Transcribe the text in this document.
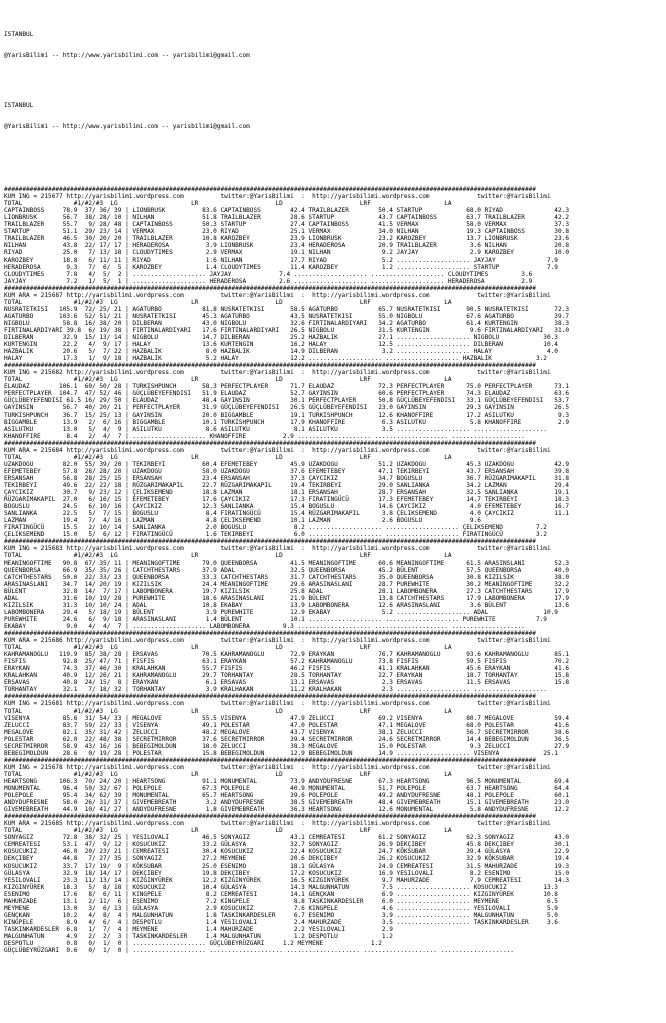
ISTANBUL

@YarisBilimi -- http://www.yarisbilimi.com -- yarisbilimi@gmail.com

ISTANBUL

@YarisBilimi -- http://www.yarisbilimi.com -- yarisbilimi@gmail.com

#################################################################################################################################################
KUM ING = 215677 http://yarisbilimi.wordpress.com          twitter:@YarisBilimi  :  http://yarisbilimi.wordpress.com             twitter:@YarisBilimi
TOTAL              #1/#2/#3  LG                    LR                     LD                     LRF                    LA
CAPTAINBOSS     78.9  37/ 36/ 39 | LIONBRUSK          83.6 CAPTAINBOSS        42.4 TRAILBLAZER        50.4 STARTUP            68.0 RIYAD              42.3
LIONBRUSK       56.7  38/ 28/ 10 | NILHAN             51.8 TRAILBLAZER        28.6 STARTUP            43.7 CAPTAINBOSS        63.7 TRAILBLAZER        42.2
TRAILBLAZER     55.7   9/ 28/ 48 | CAPTAINBOSS        50.3 STARTUP            27.4 CAPTAINBOSS        41.5 VERMAX             58.0 VERMAX             37.3
STARTUP         51.1  29/ 23/ 14 | VERMAX             23.0 RIYAD              25.1 VERMAX             34.0 NILHAN             19.3 CAPTAINBOSS        30.8
TRAILBLAZER     46.5  30/ 20/ 20 | TRAILBLAZER        10.8 KAROZBEY           23.9 LIONBRUSK          23.2 KAROZBEY           13.7 LIONBRUSK          23.6
NILHAN          43.8  22/ 17/ 17 | HERADEROSA          3.9 LIONBRUSK          23.4 HERADEROSA         20.9 TRAILBLAZER         3.6 NILHAN             20.8
RIYAD           25.0   7/ 13/ 18 | CLOUDYTIMES         2.9 VERMAX             19.1 NILHAN              9.2 JAYJAY              2.9 KAROZBEY           10.0
KAROZBEY        18.8   6/ 11/ 11 | RIYAD               1.6 NILHAN             17.7 RIYAD               5.2 .................... JAYJAY              7.9
HERADEROSA       9.3   7/  6/  5 | KAROZBEY            1.4 CLOUDYTIMES        11.4 KAROZBEY            1.2 .................... STARTUP             7.9
CLOUDYTIMES      7.8   4/  5/  2 | .................... JAYJAY             7.4 .................... .................... CLOUDYTIMES         3.6
JAYJAY           7.2   1/  5/  1 | .................... HERADEROSA         2.6 .................... .................... HERADEROSA          2.9
#################################################################################################################################################
KUM ARA = 215687 http://yarisbilimi.wordpress.com          twitter:@YarisBilimi  :  http://yarisbilimi.wordpress.com             twitter:@YarisBilimi
TOTAL              #1/#2/#3  LG                    LR                     LD                     LRF                    LA
NUSRATETKISI   105.9  72/ 25/ 21 | AGATURBO           81.8 NUSRATETKISI       58.5 AGATURBO           65.7 NUSRATETKISI       90.5 NUSRATETKISI       72.3
AGATURBO       103.6  52/ 51/ 21 | NUSRATETKISI       45.3 AGATURBO           43.5 NUSRATETKISI       55.0 NIGBOLU            67.6 AGATURBO           39.7
NIGBOLU         58.8  16/ 38/ 20 | DILBERAN           43.0 NIGBOLU            32.6 FIRTINALARDIYARI   34.2 AGATURBO           61.4 KURTENGIN          38.3
FIRTINALARDIYARI 39.8  6/ 19/ 38 | FIRTINALARDIYARI   17.6 FIRTINALARDIYARI   26.5 NIGBOLU            31.5 KURTENGIN           9.6 FIRTINALARDIYARI   31.0
DILBERAN        32.9  15/ 13/ 14 | NIGBOLU            14.7 DILBERAN           25.2 HAZBALIK           27.1 .................... NIGBOLU            30.3
KURTENGIN       22.2   4/  9/ 17 | HALAY              13.6 KURTENGIN          16.2 HALAY              12.5 .................... DILBERAN           10.4
HAZBALIK        20.6   5/  7/ 22 | HAZBALIK            8.0 HAZBALIK           14.9 DILBERAN            3.2 .................... HALAY               4.0
HALAY           17.3   1/  9/ 18 | HAZBALIK            5.2 HALAY              12.2 .................... .................... HAZBALIK            3.2
#################################################################################################################################################
KUM ING = 215682 http://yarisbilimi.wordpress.com          twitter:@YarisBilimi  :  http://yarisbilimi.wordpress.com             twitter:@YarisBilimi
TOTAL              #1/#2/#3  LG                    LR                     LD                     LRF                    LA
ELAUDAZ        106.1  60/ 50/ 28 | TURKISHPUNCH       58.3 PERFECTPLAYER      71.7 ELAUDAZ            72.3 PERFECTPLAYER      75.0 PERFECTPLAYER      73.1
PERFECTPLAYER  104.7  47/ 52/ 46 | GÜÇLÜBEYEFENDISI   51.9 ELAUDAZ            52.7 GAYINSIN           60.6 PERFECTPLAYER      74.3 ELAUDAZ            63.6
GÜÇLÜBEYEFENDISI 61.5 16/ 29/ 50 | ELAUDAZ            48.4 GAYINSIN           30.1 PERFECTPLAYER      50.8 GÜÇLÜBEYEFENDISI   33.1 GÜÇLÜBEYEFENDISI   53.7
GAYINSIN        56.7  40/ 20/ 21 | PERFECTPLAYER      31.9 GÜÇLÜBEYEFENDISI   26.5 GÜÇLÜBEYEFENDISI   23.0 GAYINSIN           29.3 GAYINSIN           26.5
TURKISHPUNCH    36.7  15/ 25/ 13 | GAYINSIN           20.0 BIGGAMBLE          19.1 TURKISHPUNCH       12.6 KHANOFFIRE         17.2 ASILUTKU            9.3
BIGGAMBLE       13.9   2/  6/ 16 | BIGGAMBLE          10.1 TURKISHPUNCH       17.9 KHANOFFIRE          6.3 ASILUTKU            5.8 KHANOFFIRE          2.9
ASILUTKU        13.0   5/  4/  9 | ASILUTKU            8.6 ASILUTKU            8.1 ASILUTKU            3.5 .................... ....................
KHANOFFIRE       8.4   2/  4/  7 | .................... KHANOFFIRE          2.9 .................... .................... ....................
#################################################################################################################################################
KUM ARA = 215684 http://yarisbilimi.wordpress.com          twitter:@YarisBilimi  :  http://yarisbilimi.wordpress.com             twitter:@YarisBilimi
TOTAL              #1/#2/#3  LG                    LR                     LD                     LRF                    LA
UZAKDOGU        82.0  55/ 39/ 20 | TEKIRBEYI          60.4 EFEMETEBEY         45.9 UZAKDOGU           51.2 UZAKDOGU           45.3 UZAKDOGU           42.9
EFEMETEBEY      57.8  28/ 28/ 20 | UZAKDOGU           58.0 UZAKDOGU           37.6 EFEMETEBEY         47.1 TEKIRBEYI          43.7 ERSANSAH           39.8
ERSANSAH        56.8  28/ 25/ 15 | ERSANSAH           23.4 ERSANSAH           37.3 ÇAYCIKIZ           34.7 BOGUSLU            36.7 RÜZGARIMAKAPIL     31.8
TEKIRBEYI       49.6  22/ 22/ 18 | RÜZGARIMAKAPIL     22.7 RÜZGARIMAKAPIL     19.4 TEKIRBEYI          29.0 SANLIANKA          34.2 LAZMAN             29.4
ÇAYCIKIZ        30.7   9/ 23/ 12 | ÇELIKSEMEND        18.8 LAZMAN             18.1 ERSANSAH           28.7 ERSANSAH           32.5 SANLIANKA          19.1
RÜZGARIMAKAPIL  27.0   6/ 16/ 15 | EFEMETEBEY         17.6 ÇAYCIKIZ           17.3 FIRATINGÜCÜ        17.3 EFEMETEBEY         14.7 TEKIRBEYI          18.3
BOGUSLU         24.5   6/ 10/ 16 | ÇAYCIKIZ           12.3 SANLIANKA          15.4 BOGUSLU            14.6 ÇAYCIKIZ            4.0 EFEMETEBEY         16.7
SANLIANKA       22.5   5/  7/ 15 | BOGUSLU             8.4 FIRATINGÜCÜ        15.4 RÜZGARIMAKAPIL      3.8 ÇELIKSEMEND         4.0 ÇAYCIKIZ           11.1
LAZMAN          19.4   7/  4/ 16 | LAZMAN              4.8 ÇELIKSEMEND        10.1 LAZMAN              2.6 BOGUSLU             9.6
FIRATINGÜCÜ     15.5   2/ 10/ 14 | SANLIANKA           2.0 BOGUSLU             8.2 .................... .................... ÇELIKSEMEND         7.2
ÇELIKSEMEND     15.0   5/  6/ 12 | FIRATINGÜCÜ         1.6 TEKIRBEYI           6.0 .................... .................... FIRATINGÜCÜ         3.2
#################################################################################################################################################
KUM ING = 215683 http://yarisbilimi.wordpress.com          twitter:@YarisBilimi  :  http://yarisbilimi.wordpress.com             twitter:@YarisBilimi
TOTAL              #1/#2/#3  LG                    LR                     LD                     LRF                    LA
MEANINGOFTIME   90.8  67/ 35/ 11 | MEANINGOFTIME      79.0 QUEENBORSA         41.5 MEANINGOFTIME      60.6 MEANINGOFTIME      61.5 ARASINSLANI        52.3
QUEENBORSA      66.9  35/ 35/ 26 | CATCHTHESTARS      37.9 ADAL               32.5 QUEENBORSA         45.2 BÜLENT             57.5 QUEENBORSA         40.0
CATCHTHESTARS   50.0  22/ 33/ 23 | QUEENBORSA         33.3 CATCHTHESTARS      31.7 CATCHTHESTARS      35.0 QUEENBORSA         30.8 KIZILSIK           38.0
ARASINASLANI    34.7  14/ 20/ 19 | KIZILSIK           24.4 MEANINGOFTIME      29.6 ARASINASLANI       28.7 PUREWHITE          30.2 MEANINGOFTIME      32.2
BÜLENT          32.8  14/  7/ 17 | LABOMBONERA        19.7 KIZILSIK           25.8 ADAL               28.1 LABOMBONERA        27.3 CATCHTHESTARS      17.9
ADAL            31.6  10/ 19/ 28 | PUREWHITE          18.6 ARASINASLANI       21.9 BÜLENT             13.8 CATCHTHESTARS      17.9 LABOMBONERA        17.9
KIZILSIK        31.3  10/ 10/ 24 | ADAL               10.8 EKABAY             13.9 LABOMBONERA        12.6 ARASINASLANI        3.6 BÜLENT             13.6
LABOMBONERA     29.4   5/ 18/ 19 | BÜLENT              3.9 PUREWHITE          12.9 EKABAY              5.2 .................... ADAL               10.9
PUREWHITE       24.6   6/  9/ 18 | ARASINASLANI        1.4 BÜLENT             10.1 .................... .................... PUREWHITE           7.9
EKABAY           9.0   4/  4/  7 | .................... LABOMBONERA         9.3 .................... .................... ....................
#################################################################################################################################################
KUM ARA = 215686 http://yarisbilimi.wordpress.com          twitter:@YarisBilimi  :  http://yarisbilimi.wordpress.com             twitter:@YarisBilimi
TOTAL              #1/#2/#3  LG                    LR                     LD                     LRF                    LA
KAHRAMANOGLU   119.9  85/ 38/ 28 | ERSAVAS            70.5 KAHRAMANOGLU       72.9 ERAYKAN            76.7 KAHRAMANOGLU       93.6 KAHRAMANOGLU       85.1
FISFIS          92.8  25/ 47/ 71 | FISFIS             63.1 ERAYKAN            57.2 KAHRAMANOGLU       73.8 FISFIS             59.5 FISFIS             70.2
ERAYKAN         74.3  37/ 46/ 30 | KRALAHKAN          55.7 FISFIS             46.2 FISFIS             41.1 KRALAHKAN          45.6 ERAYKAN            41.6
KRALAHKAN       40.9  12/ 26/ 21 | KAHRAMANOGLU       29.7 TORHANTAY          28.5 TORHANTAY          22.7 ERAYKAN            18.7 TORHANTAY          15.8
ERSAVAS         40.8  24/ 15/  8 | ERAYKAN             6.1 ERSAVAS            13.1 ERSAVAS             2.3 ERSAVAS            11.5 ERSAVAS            15.8
TORHANTAY       32.1   7/ 18/ 32 | TORHANTAY           3.9 KRALHAKAN          11.2 KRALHAKAN           2.3 .................... ....................
#################################################################################################################################################
KUM ING = 215681 http://yarisbilimi.wordpress.com          twitter:@YarisBilimi  :  http://yarisbilimi.wordpress.com             twitter:@YarisBilimi
TOTAL              #1/#2/#3  LG                    LR                     LD                     LRF                    LA
VISENYA         85.6  31/ 54/ 33 | MEGALOVE           55.5 VISENYA            47.9 ZELUCCI            69.2 VISENYA            80.7 MEGALOVE           59.4
ZELUCCI         83.7  59/ 22/ 33 | VISENYA            49.1 POLESTAR           47.0 POLESTAR           47.1 MEGALOVE           68.0 POLESTAR           41.6
MEGALOVE        82.1  35/ 31/ 42 | ZELUCCI            48.2 MEGALOVE           43.7 VISENYA            38.1 ZELUCCI            56.7 SECRETMIRROR       38.6
POLESTAR        62.0  22/ 48/ 38 | SECRETMIRROR       37.6 SECRETMIRROR       39.4 SECRETMIRROR       24.6 SECRETMIRROR       14.4 BEBEGIMOLDUN       36.5
SECRETMIRROR    58.9  43/ 16/ 16 | BEBEGIMOLDUN       18.0 ZELUCCI            38.3 MEGALOVE           15.0 POLESTAR            9.3 ZELUCCI            27.9
BEBEGIMOLDUN    28.6   0/ 19/ 28 | POLESTAR           15.8 BEBEGIMOLDUN       12.9 BEBEGIMOLDUN       14.9 .................... VISENYA            25.1
#################################################################################################################################################
KUM ING = 215678 http://yarisbilimi.wordpress.com          twitter:@YarisBilimi  :  http://yarisbilimi.wordpress.com             twitter:@YarisBilimi
TOTAL              #1/#2/#3  LG                    LR                     LD                     LRF                    LA
HEARTSONG      106.3  70/ 24/ 20 | HEARTSONG          91.1 MONUMENTAL         73.9 ANDYDUFRESNE       67.3 HEARTSONG          96.5 MONUMENTAL         69.4
MONUMENTAL      96.4  50/ 32/ 67 | POLEPOLE           67.3 POLEPOLE           40.9 MONUMENTAL         51.7 POLEPOLE           63.7 HEARTSONG          64.4
POLEPOLE        95.4  34/ 62/ 39 | MONUMENTAL         65.7 HEARTSONG          39.6 POLEPOLE           49.2 ANDYDUFRESNE       48.1 POLEPOLE           60.1
ANDYDUFRESNE    58.0  26/ 31/ 37 | GIVEMEBREATH        3.2 ANDYDUFRESNE       38.5 GIVEMEBREATH       48.4 GIVEMEBREATH       15.1 GIVEMEBREATH       23.0
GIVEMEBREATH    44.9  10/ 41/ 27 | ANDYDUFRESNE        1.8 GIVEMEBREATH       36.3 HEARTSONG          12.6 MONUMENTAL          5.8 ANDYDUFRESNE       12.2
#################################################################################################################################################
KUM ARA = 215685 http://yarisbilimi.wordpress.com          twitter:@YarisBilimi  :  http://yarisbilimi.wordpress.com             twitter:@YarisBilimi
TOTAL              #1/#2/#3  LG                    LR                     LD                     LRF                    LA
SONYAGIZ        72.8  38/ 32/ 25 | YESILOVALI         46.5 SONYAGIZ           43.1 CEMREATESI         61.2 SONYAGIZ           62.3 SONYAGIZ           43.0
CEMREATESI      53.1  47/  9/ 12 | KOSUCUKIZ          33.2 GÜLASYA            32.7 SONYAGIZ           26.9 DEKÇIBEY           45.8 DEKÇIBEY           30.1
KOSUCUKIZ       46.0  20/ 23/ 21 | CEMREATESI         30.4 KOSUCUKIZ          22.4 KOSUCUKIZ          24.7 KÖKSUBAR           39.4 GÜLASYA            22.9
DEKÇIBEY        44.8   7/ 27/ 35 | SONYAGIZ           27.2 MEYMENE            20.6 DEKÇIBEY           26.2 KOSUCUKIZ          32.9 KÖKSUBAR           19.4
KOSUCUKIZ       33.7  17/ 19/  9 | KÖKSUBAR           25.0 ESENIMO            18.1 GÜLASYA            24.9 CEMREATESI         31.5 MAHURZADE          19.3
GÜLASYA         32.9  18/ 14/ 17 | DEKÇIBEY           19.8 DEKÇIBEY           17.2 KOSUCUKIZ          16.9 YESILOVALI          8.2 ESENIMO            15.0
YESILOVALI      23.3  11/ 13/ 14 | KIZGINYÜREK        12.2 KIZGINYÜREK        16.5 KIZGINYÜREK         9.7 MAHURZADE           7.9 CEMREATESI         14.3
KIZGINYÜREK     18.3   5/  8/ 18 | KOSUCUKIZ          10.4 GÜLASYA            14.3 MALGUNHATUN         7.5 .................... KOSUCUKIZ          13.3
ESENIMO         17.6   8/  6/ 11 | KINGPELE            8.2 CEMREATESI         14.1 GENÇKAN             6.9 .................... KIZGINYÜREK        10.8
MAHURZADE       13.1   2/ 11/  6 | ESENIMO             7.2 KINGPELE            8.8 TASKINKARDESLER     6.0 .................... MEYMENE             6.5
MEYMENE         13.0   3/  6/ 13 | GÜLASYA             2.9 KOSUCUKIZ           7.6 KINGPELE            4.6 .................... YESILOVALI          5.9
GENÇKAN         10.2   4/  8/  4 | MALGUNHATUN         1.8 TASKINKARDESLER     6.7 ESENIMO             3.9 .................... MALGUNHATUN         5.0
KINGPELE         8.9   4/  6/  4 | DESPOTLU            1.4 YESILOVALI          2.4 MAHURZADE           3.5 .................... TASKINKARDESLER     3.6
TASKINKARDESLER  6.8   1/  7/  4 | MEYMENE             1.4 MAHURZADE           2.2 YESILOVALI          2.9
MALGUNHATUN      4.9   2/  2/  3 | TASKINKARDESLER     1.4 MALGUNHATUN         1.2 DESPOTLU            1.2
DESPOTLU         0.8   0/  1/  0 | .................... GÜÇLÜBEYRÜZGARI     1.2 MEYMENE             1.2
GÜÇLÜBEYRÜZGARI  0.6   0/  1/  0 | .................... .................... .................... .................... ....................
